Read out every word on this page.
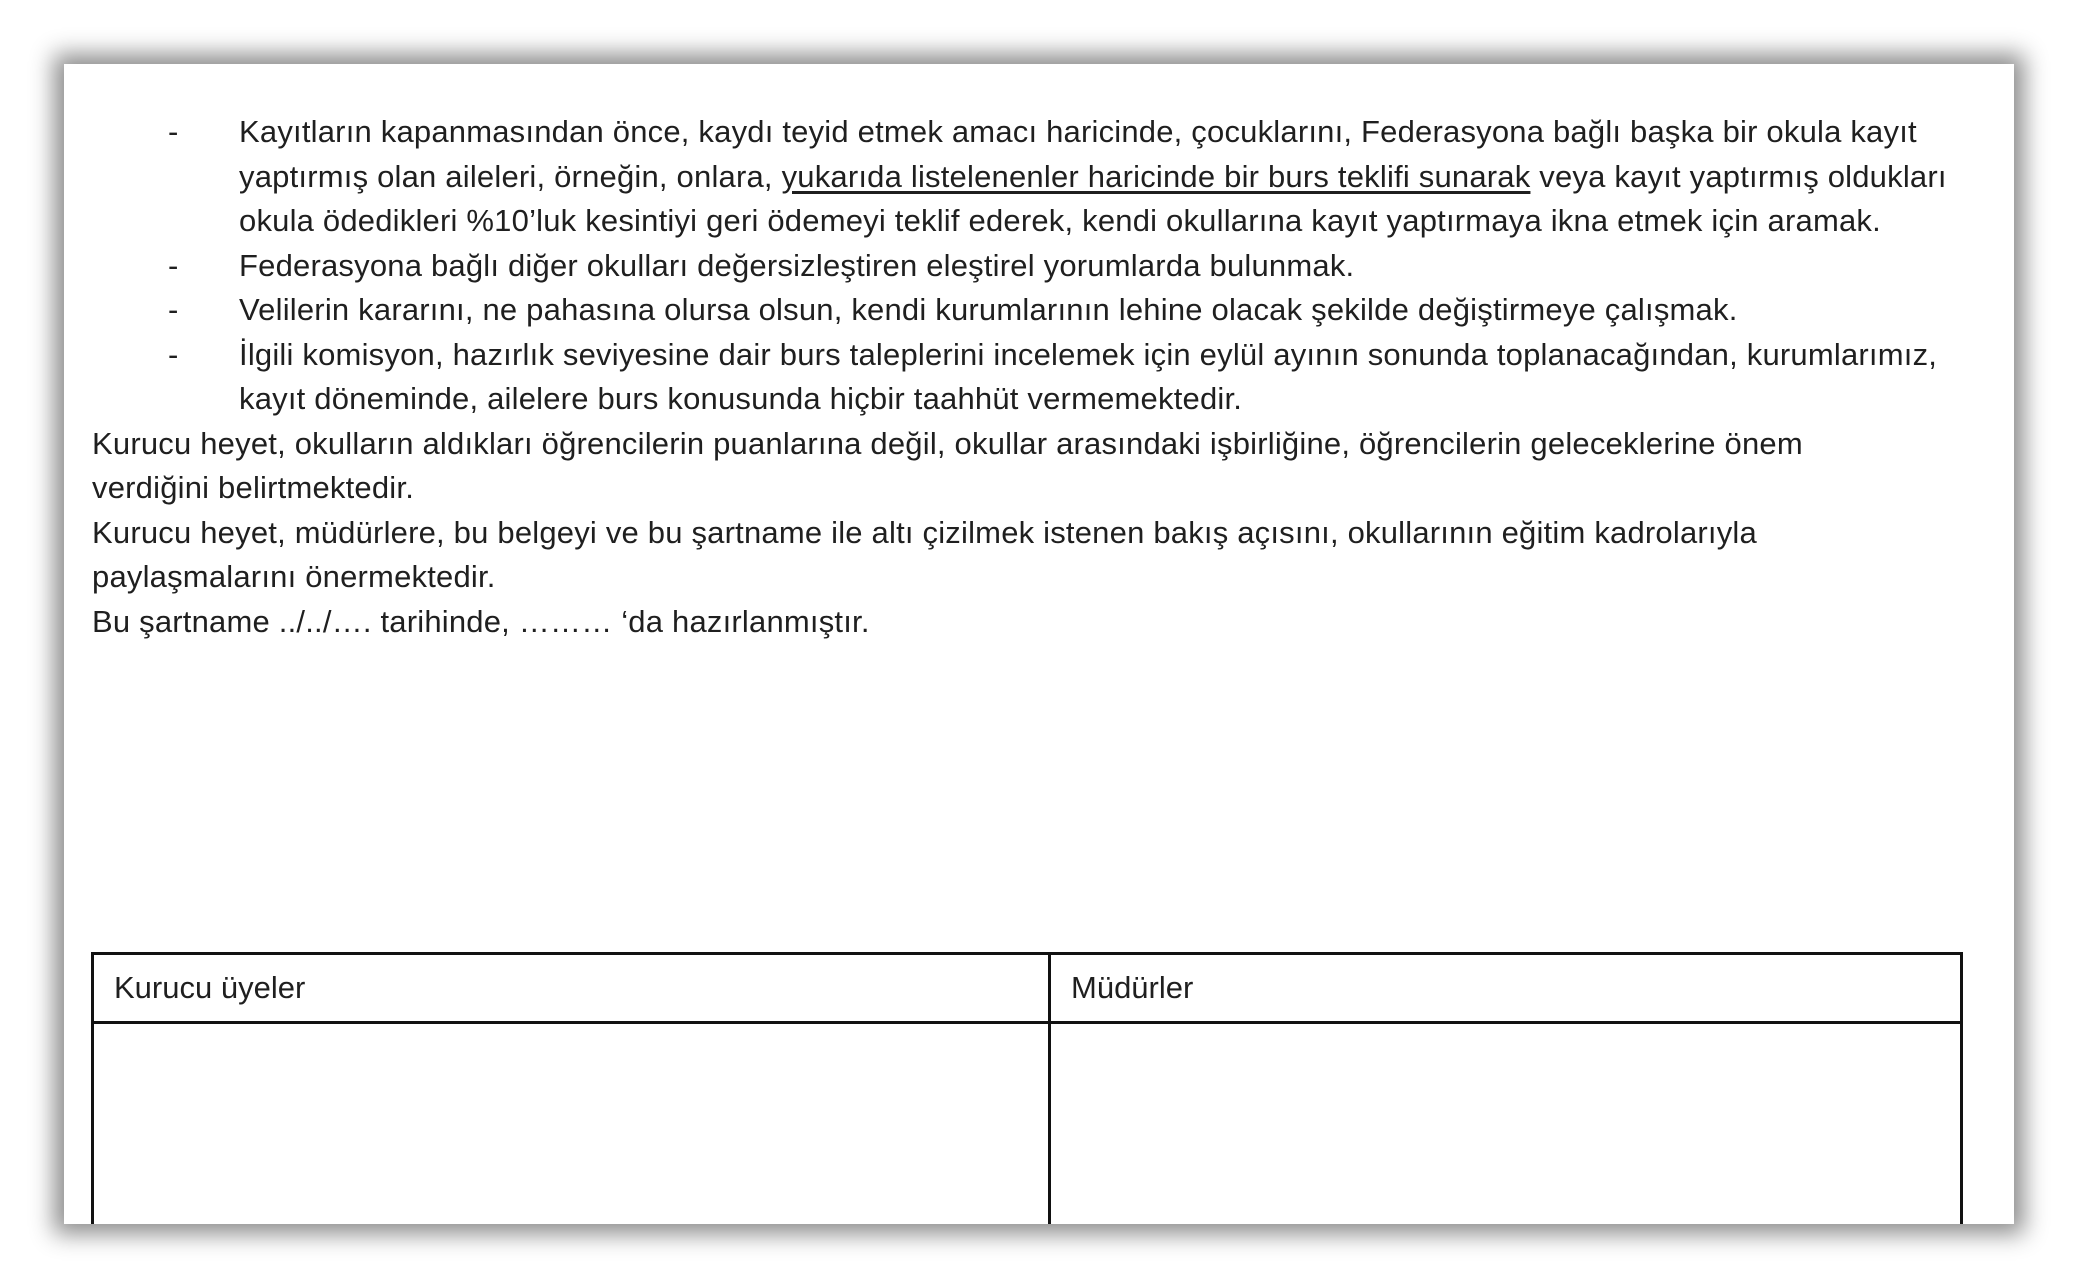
- Kayıtların kapanmasından önce, kaydı teyid etmek amacı haricinde, çocuklarını, Federasyona bağlı başka bir okula kayıt yaptırmış olan aileleri, örneğin, onlara, yukarıda listelenenler haricinde bir burs teklifi sunarak veya kayıt yaptırmış oldukları okula ödedikleri %10’luk kesintiyi geri ödemeyi teklif ederek, kendi okullarına kayıt yaptırmaya ikna etmek için aramak.
- Federasyona bağlı diğer okulları değersizleştiren eleştirel yorumlarda bulunmak.
- Velilerin kararını, ne pahasına olursa olsun, kendi kurumlarının lehine olacak şekilde değiştirmeye çalışmak.
- İlgili komisyon, hazırlık seviyesine dair burs taleplerini incelemek için eylül ayının sonunda toplanacağından, kurumlarımız, kayıt döneminde, ailelere burs konusunda hiçbir taahhüt vermemektedir.

Kurucu heyet, okulların aldıkları öğrencilerin puanlarına değil, okullar arasındaki işbirliğine, öğrencilerin geleceklerine önem verdiğini belirtmektedir.

Kurucu heyet, müdürlere, bu belgeyi ve bu şartname ile altı çizilmek istenen bakış açısını, okullarının eğitim kadrolarıyla paylaşmalarını önermektedir.

Bu şartname ../../…. tarihinde, ……… ‘da hazırlanmıştır.

Kurucu üyeler	Müdürler
